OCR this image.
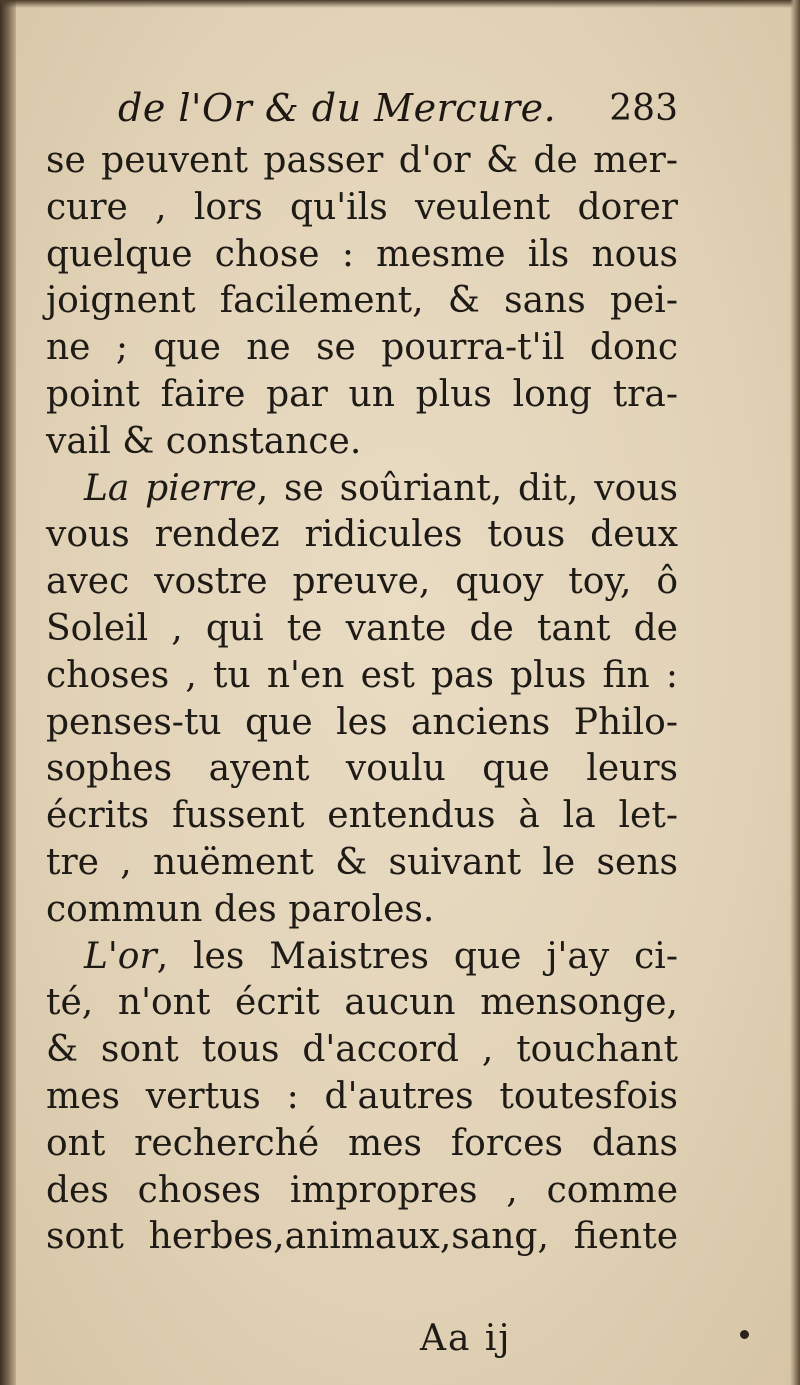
de l'Or & du Mercure. 283
se peuvent passer d'or & de mer-
cure , lors qu'ils veulent dorer
quelque chose : mesme ils nous
joignent facilement, & sans pei-
ne ; que ne se pourra-t'il donc
point faire par un plus long tra-
vail & constance.
La pierre, se soûriant, dit, vous
vous rendez ridicules tous deux
avec vostre preuve, quoy toy, ô
Soleil , qui te vante de tant de
choses , tu n'en est pas plus fin :
penses-tu que les anciens Philo-
sophes ayent voulu que leurs
écrits fussent entendus à la let-
tre , nuëment & suivant le sens
commun des paroles.
L'or, les Maistres que j'ay ci-
té, n'ont écrit aucun mensonge,
& sont tous d'accord , touchant
mes vertus : d'autres toutesfois
ont recherché mes forces dans
des choses impropres , comme
sont herbes,animaux,sang, fiente
Aa ij
